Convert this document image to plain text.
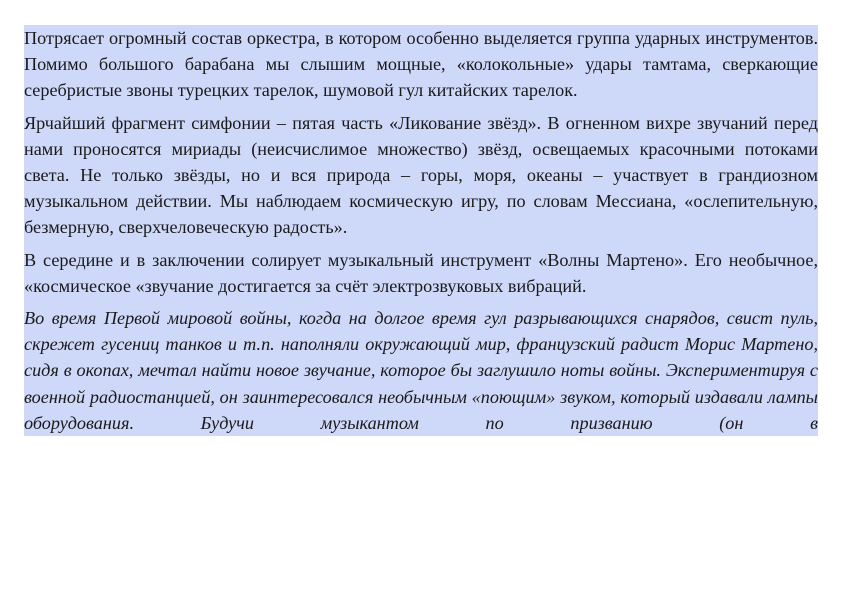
Потрясает огромный состав оркестра, в котором особенно выделяется группа ударных инструментов. Помимо большого барабана мы слышим мощные, «колокольные» удары тамтама, сверкающие серебристые звоны турецких тарелок, шумовой гул китайских тарелок.

Ярчайший фрагмент симфонии – пятая часть «Ликование звёзд». В огненном вихре звучаний перед нами проносятся мириады (неисчислимое множество) звёзд, освещаемых красочными потоками света. Не только звёзды, но и вся природа – горы, моря, океаны – участвует в грандиозном музыкальном действии. Мы наблюдаем космическую игру, по словам Мессиана, «ослепительную, безмерную, сверхчеловеческую радость».

В середине и в заключении солирует музыкальный инструмент «Волны Мартено». Его необычное, «космическое «звучание достигается за счёт электрозвуковых вибраций.

Во время Первой мировой войны, когда на долгое время гул разрывающихся снарядов, свист пуль, скрежет гусениц танков и т.п. наполняли окружающий мир, французский радист Морис Мартено, сидя в окопах, мечтал найти новое звучание, которое бы заглушило ноты войны. Экспериментируя с военной радиостанцией, он заинтересовался необычным «поющим» звуком, который издавали лампы оборудования. Будучи музыкантом по призванию (он в
